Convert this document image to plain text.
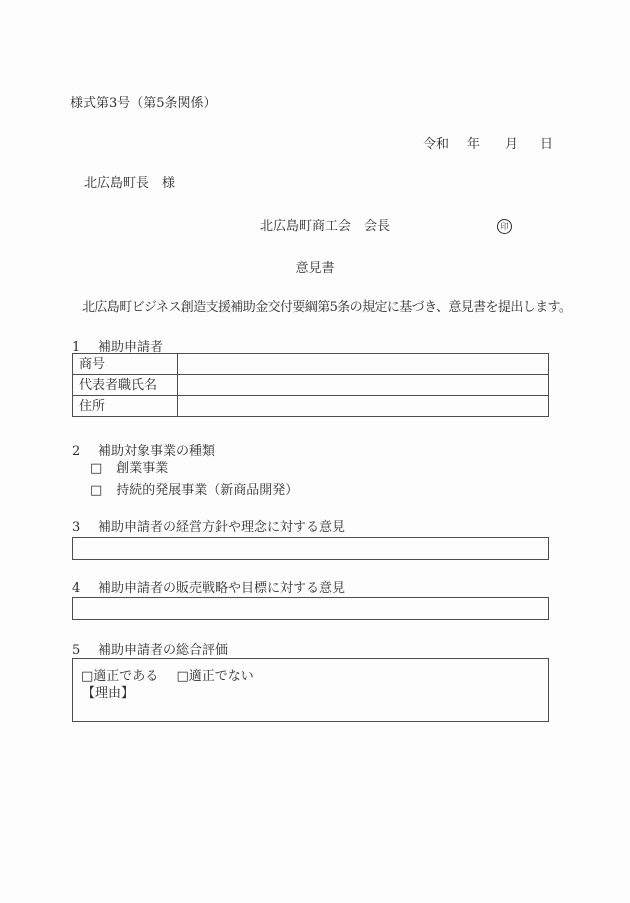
様式第3号（第5条関係）
令和 年 月 日
北広島町長　様
北広島町商工会　会長	印
意見書
北広島町ビジネス創造支援補助金交付要綱第5条の規定に基づき、意見書を提出します。
1 補助申請者
商号	
代表者職氏名	
住所	
2 補助対象事業の種類
□ 創業事業
□ 持続的発展事業（新商品開発）
3 補助申請者の経営方針や理念に対する意見
4 補助申請者の販売戦略や目標に対する意見
5 補助申請者の総合評価
□適正である □適正でない
【理由】
